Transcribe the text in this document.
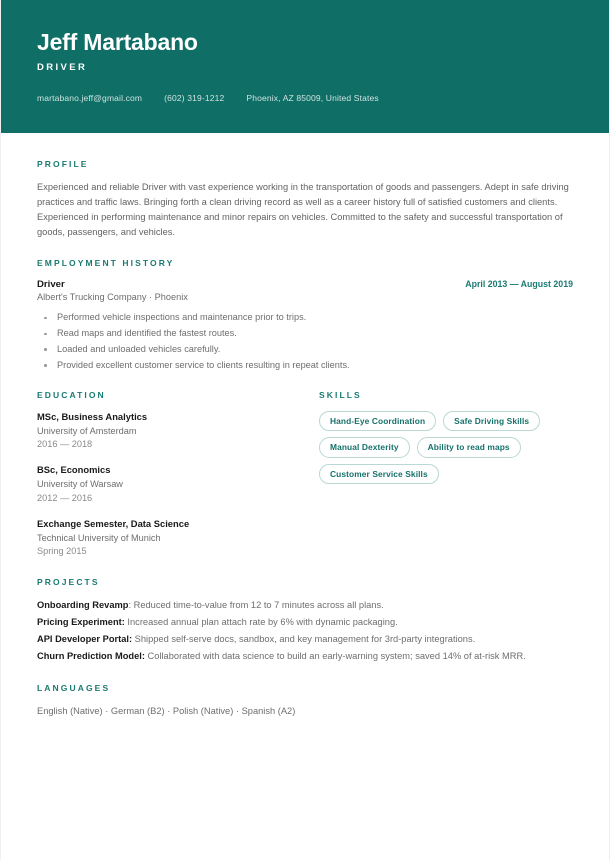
Jeff Martabano
DRIVER
martabano.jeff@gmail.com	(602) 319-1212	Phoenix, AZ 85009, United States
PROFILE

Experienced and reliable Driver with vast experience working in the transportation of goods and passengers. Adept in safe driving practices and traffic laws. Bringing forth a clean driving record as well as a career history full of satisfied customers and clients. Experienced in performing maintenance and minor repairs on vehicles. Committed to the safety and successful transportation of goods, passengers, and vehicles.

EMPLOYMENT HISTORY
Driver	April 2013 — August 2019
Albert's Trucking Company · Phoenix
Performed vehicle inspections and maintenance prior to trips.
Read maps and identified the fastest routes.
Loaded and unloaded vehicles carefully.
Provided excellent customer service to clients resulting in repeat clients.
EDUCATION
MSc, Business Analytics
University of Amsterdam
2016 — 2018
BSc, Economics
University of Warsaw
2012 — 2016
Exchange Semester, Data Science
Technical University of Munich
Spring 2015
SKILLS
Hand-Eye Coordination	Safe Driving Skills
Manual Dexterity	Ability to read maps
Customer Service Skills
PROJECTS
Onboarding Revamp: Reduced time-to-value from 12 to 7 minutes across all plans.
Pricing Experiment: Increased annual plan attach rate by 6% with dynamic packaging.
API Developer Portal: Shipped self-serve docs, sandbox, and key management for 3rd-party integrations.
Churn Prediction Model: Collaborated with data science to build an early-warning system; saved 14% of at-risk MRR.
LANGUAGES
English (Native) · German (B2) · Polish (Native) · Spanish (A2)
